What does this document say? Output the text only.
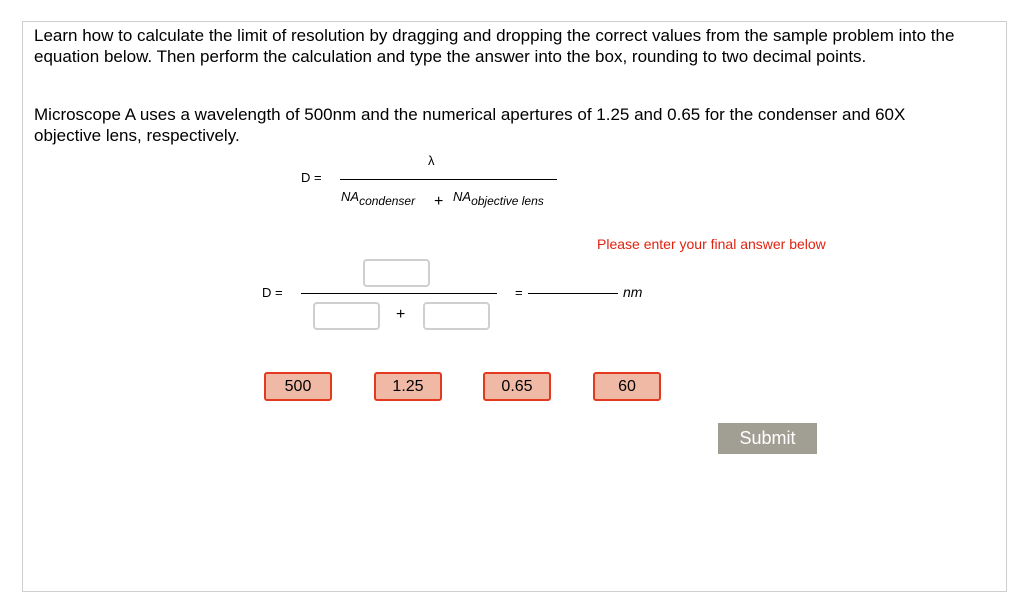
Learn how to calculate the limit of resolution by dragging and dropping the correct values from the sample problem into the equation below. Then perform the calculation and type the answer into the box, rounding to two decimal points.

Microscope A uses a wavelength of 500nm and the numerical apertures of 1.25 and 0.65 for the condenser and 60X objective lens, respectively.

D =
λ
NAcondenser + NAobjective lens
D =
+
=	nm
Please enter your final answer below
500	1.25	0.65	60
Submit
